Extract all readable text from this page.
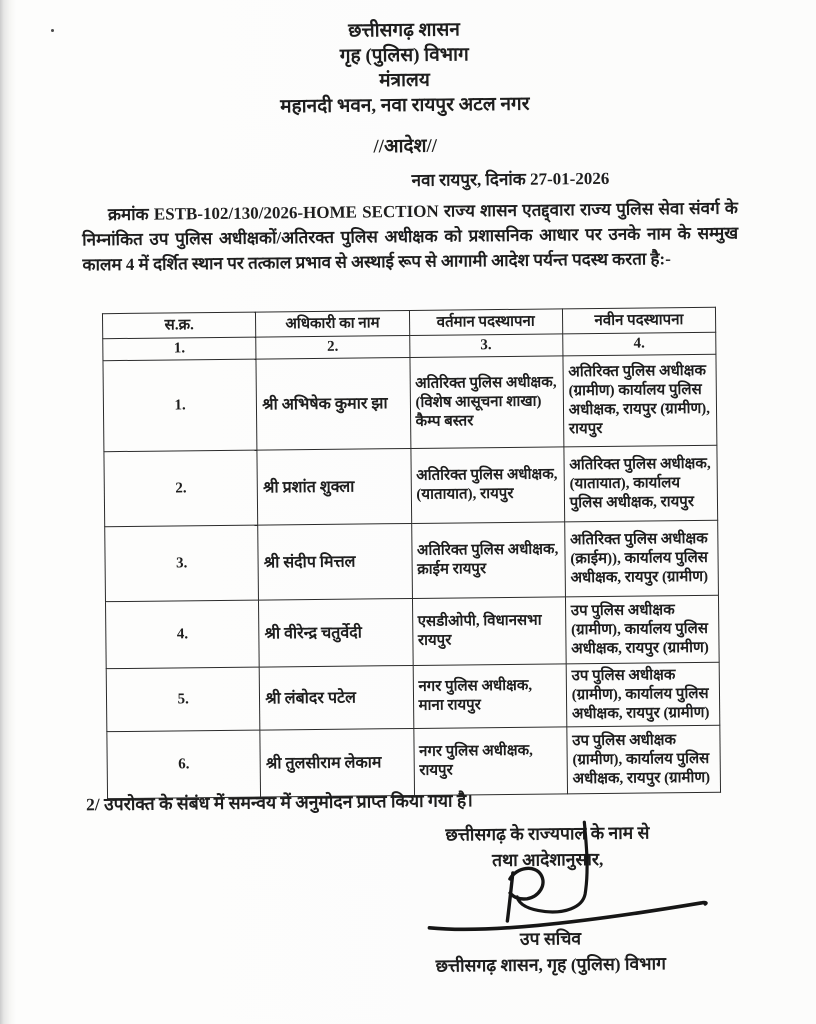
छत्तीसगढ़ शासन
गृह (पुलिस) विभाग
मंत्रालय
महानदी भवन, नवा रायपुर अटल नगर
//आदेश//
नवा रायपुर, दिनांक 27-01-2026
क्रमांक ESTB-102/130/2026-HOME SECTION राज्य शासन एतद्द्वारा राज्य पुलिस सेवा संवर्ग के निम्नांकित उप पुलिस अधीक्षकों/अतिरक्त पुलिस अधीक्षक को प्रशासनिक आधार पर उनके नाम के सम्मुख कालम 4 में दर्शित स्थान पर तत्काल प्रभाव से अस्थाई रूप से आगामी आदेश पर्यन्त पदस्थ करता है:-
स.क्र.	अधिकारी का नाम	वर्तमान पदस्थापना	नवीन पदस्थापना
1.	2.	3.	4.
1.	श्री अभिषेक कुमार झा	अतिरिक्त पुलिस अधीक्षक, (विशेष आसूचना शाखा) कैम्प बस्तर	अतिरिक्त पुलिस अधीक्षक (ग्रामीण) कार्यालय पुलिस अधीक्षक, रायपुर (ग्रामीण), रायपुर
2.	श्री प्रशांत शुक्ला	अतिरिक्त पुलिस अधीक्षक, (यातायात), रायपुर	अतिरिक्त पुलिस अधीक्षक, (यातायात), कार्यालय पुलिस अधीक्षक, रायपुर
3.	श्री संदीप मित्तल	अतिरिक्त पुलिस अधीक्षक, क्राईम रायपुर	अतिरिक्त पुलिस अधीक्षक (क्राईम)), कार्यालय पुलिस अधीक्षक, रायपुर (ग्रामीण)
4.	श्री वीरेन्द्र चतुर्वेदी	एसडीओपी, विधानसभा रायपुर	उप पुलिस अधीक्षक (ग्रामीण), कार्यालय पुलिस अधीक्षक, रायपुर (ग्रामीण)
5.	श्री लंबोदर पटेल	नगर पुलिस अधीक्षक, माना रायपुर	उप पुलिस अधीक्षक (ग्रामीण), कार्यालय पुलिस अधीक्षक, रायपुर (ग्रामीण)
6.	श्री तुलसीराम लेकाम	नगर पुलिस अधीक्षक, रायपुर	उप पुलिस अधीक्षक (ग्रामीण), कार्यालय पुलिस अधीक्षक, रायपुर (ग्रामीण)
2/ उपरोक्त के संबंध में समन्वय में अनुमोदन प्राप्त किया गया है।
छत्तीसगढ़ के राज्यपाल के नाम से
तथा आदेशानुसार,
उप सचिव
छत्तीसगढ़ शासन, गृह (पुलिस) विभाग
